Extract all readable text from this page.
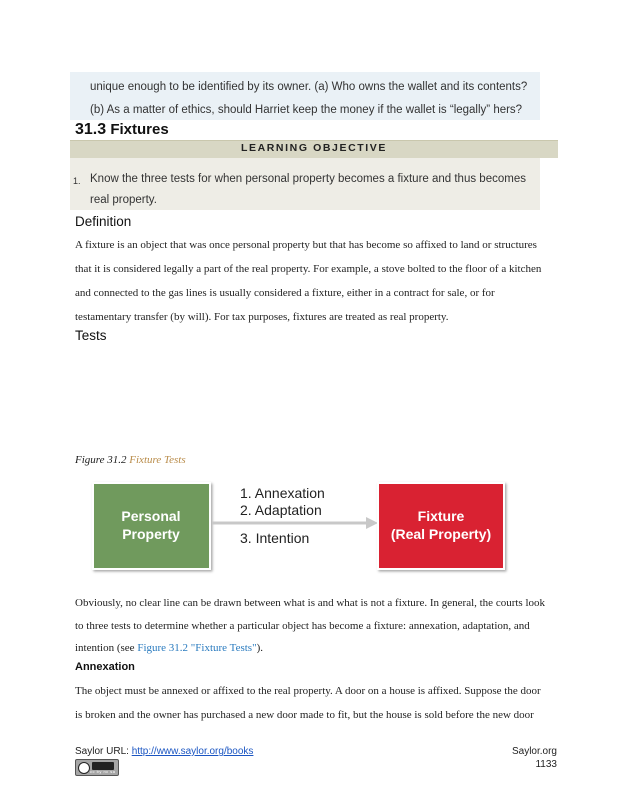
unique enough to be identified by its owner. (a) Who owns the wallet and its contents?
(b) As a matter of ethics, should Harriet keep the money if the wallet is “legally” hers?
31.3 Fixtures
LEARNING OBJECTIVE
1. Know the three tests for when personal property becomes a fixture and thus becomes
real property.
Definition
A fixture is an object that was once personal property but that has become so affixed to land or structures
that it is considered legally a part of the real property. For example, a stove bolted to the floor of a kitchen
and connected to the gas lines is usually considered a fixture, either in a contract for sale, or for
testamentary transfer (by will). For tax purposes, fixtures are treated as real property.
Tests
Figure 31.2 Fixture Tests
Personal
Property
1. Annexation
2. Adaptation
3. Intention
Fixture
(Real Property)
Obviously, no clear line can be drawn between what is and what is not a fixture. In general, the courts look
to three tests to determine whether a particular object has become a fixture: annexation, adaptation, and
intention (see Figure 31.2 "Fixture Tests").
Annexation
The object must be annexed or affixed to the real property. A door on a house is affixed. Suppose the door
is broken and the owner has purchased a new door made to fit, but the house is sold before the new door
Saylor URL: http://www.saylor.org/books
cc by nc sa
Saylor.org
1133
